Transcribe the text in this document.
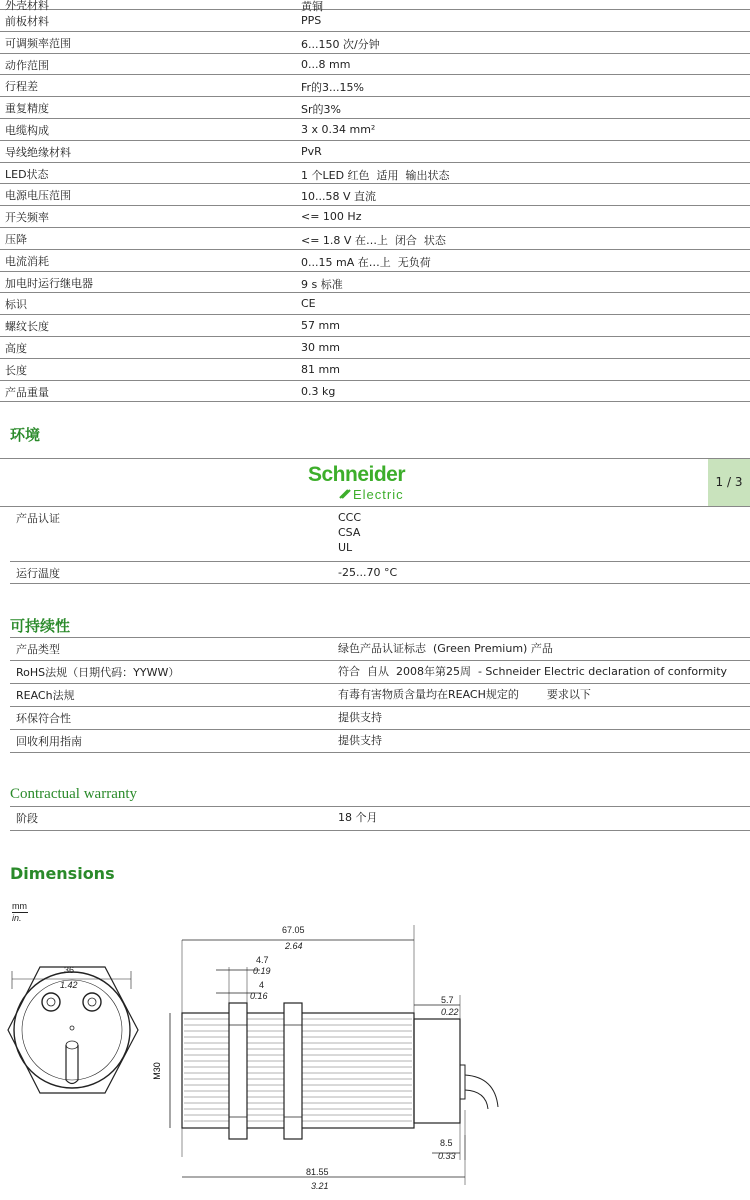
外壳材料	黄铜
前板材料	PPS
可调频率范围	6...150 次/分钟
动作范围	0...8 mm
行程差	Fr的3...15%
重复精度	Sr的3%
电缆构成	3 x 0.34 mm²
导线绝缘材料	PvR
LED状态	1 个LED 红色  适用  输出状态
电源电压范围	10...58 V 直流
开关频率	<= 100 Hz
压降	<= 1.8 V 在…上  闭合  状态
电流消耗	0...15 mA 在…上  无负荷
加电时运行继电器	9 s 标准
标识	CE
螺纹长度	57 mm
高度	30 mm
长度	81 mm
产品重量	0.3 kg
环境
Schneider
Electric
1 / 3
产品认证	CCC
CSA
UL
运行温度	-25...70 °C
可持续性
产品类型	绿色产品认证标志  (Green Premium) 产品
RoHS法规（日期代码：YYWW）	符合  自从  2008年第25周  - Schneider Electric declaration of conformity
REACh法规	有毒有害物质含量均在REACH规定的        要求以下
环保符合性	提供支持
回收利用指南	提供支持
Contractual warranty
阶段	18 个月
Dimensions
mm
in.
M30
36
1.42
67.05
2.64
4.7
0.19
4
0.16	5.7
0.22
8.5
0.33
81.55
3.21
